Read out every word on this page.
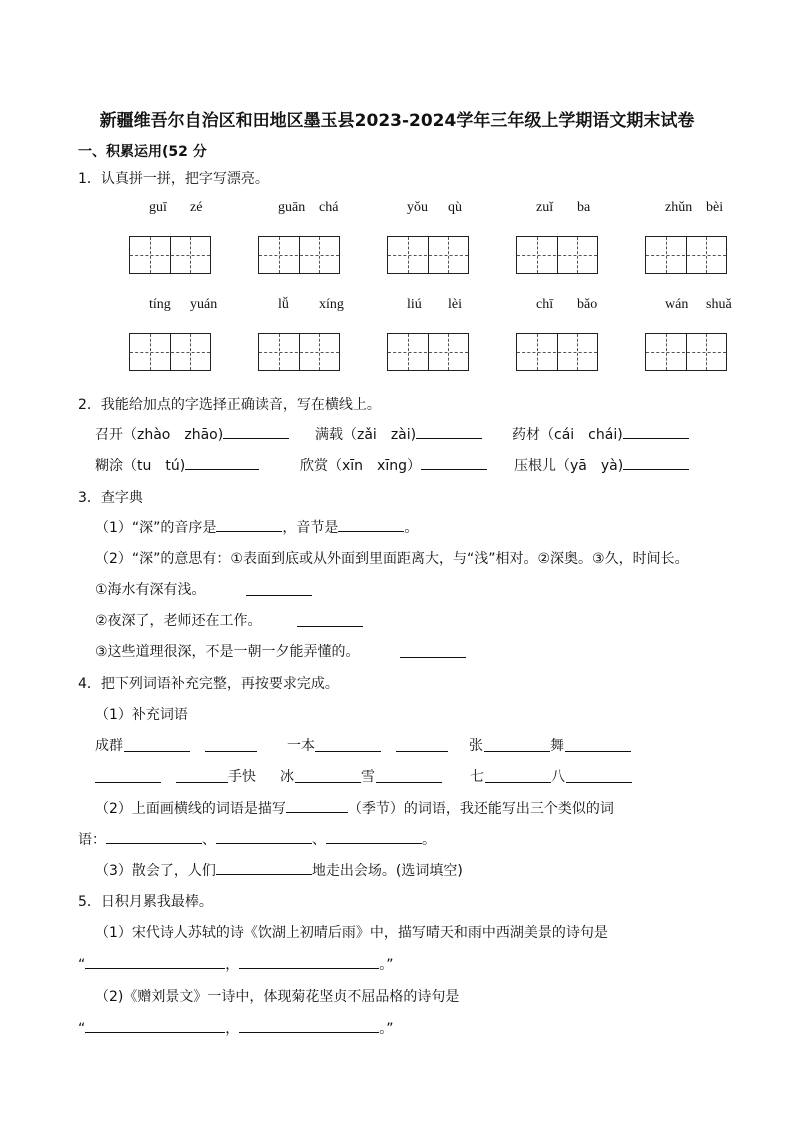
新疆维吾尔自治区和田地区墨玉县2023-2024学年三年级上学期语文期末试卷
一、积累运用(52 分
1．认真拼一拼，把字写漂亮。
guī zé	guān chá	yǒu qù	zuǐ ba	zhǔn bèi
tíng yuán	lǚ xíng	liú lèi	chī bǎo	wán shuǎ
2．我能给加点的字选择正确读音，写在横线上。
召开（zhào　zhāo)	满载（zǎi　zài)	药材（cái　chái)
糊涂（tu　tú)	欣赏（xīn　xīng）	压根儿（yā　yà)
3．查字典
（1）“深”的音序是	，音节是	。
（2）“深”的意思有：①表面到底或从外面到里面距离大，与“浅”相对。②深奥。③久，时间长。
①海水有深有浅。
②夜深了，老师还在工作。
③这些道理很深，不是一朝一夕能弄懂的。
4．把下列词语补充完整，再按要求完成。
（1）补充词语
成群	一本	张	舞
手快 冰	雪	七	八
（2）上面画横线的词语是描写	（季节）的词语，我还能写出三个类似的词
语：	、	、	。
（3）散会了，人们	地走出会场。(选词填空)
5．日积月累我最棒。
（1）宋代诗人苏轼的诗《饮湖上初晴后雨》中，描写晴天和雨中西湖美景的诗句是
“	，	。”
（2)《赠刘景文》一诗中，体现菊花坚贞不屈品格的诗句是
“	，	。”
